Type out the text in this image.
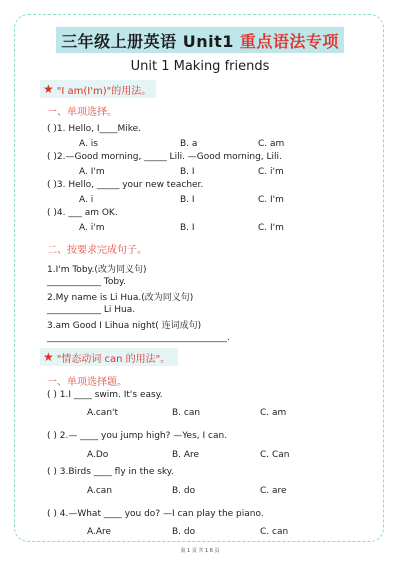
三年级上册英语 Unit1 重点语法专项
Unit 1 Making friends
★ "I am(I'm)"的用法。
一、单项选择。
( )1. Hello, I____Mike.
A. is	B. a	C. am
( )2.—Good morning, _____ Lili. —Good morning, Lili.
A. I'm	B. I	C. i'm
( )3. Hello, _____ your new teacher.
A. i	B. I	C. I'm
( )4. ___ am OK.
A. i'm	B. I	C. I'm
二、按要求完成句子。
1.I'm Toby.(改为同义句)
____________ Toby.
2.My name is Li Hua.(改为同义句)
____________ Li Hua.
3.am Good I Lihua night( 连词成句)
________________________________________.
★ "情态动词 can 的用法"。
一、单项选择题。
( ) 1.I ____ swim. It's easy.
A.can't	B. can	C. am
( ) 2.— ____ you jump high? —Yes, I can.
A.Do	B. Are	C. Can
( ) 3.Birds ____ fly in the sky.
A.can	B. do	C. are
( ) 4.—What ____ you do? —I can play the piano.
A.Are	B. do	C. can
第 1 页 共 1 6 页
